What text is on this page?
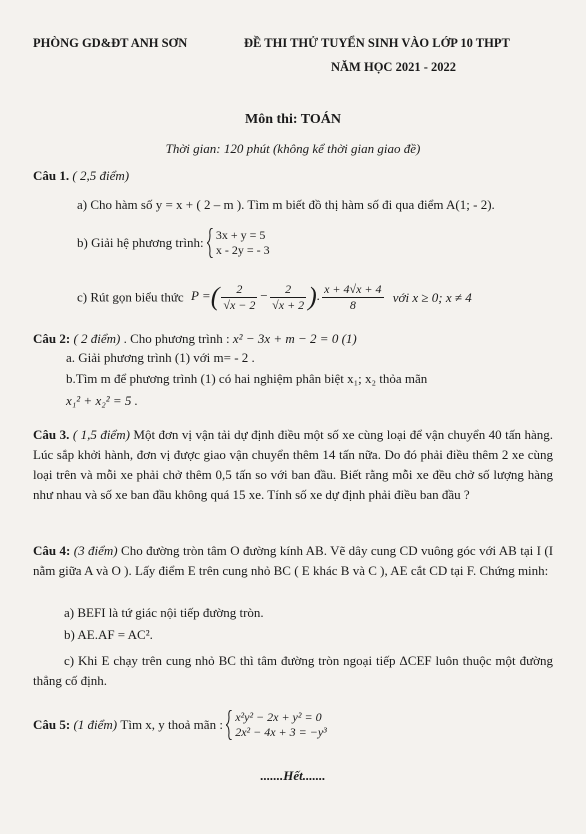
PHÒNG GD&ĐT ANH SƠN	ĐỀ THI THỬ TUYỂN SINH VÀO LỚP 10 THPT
NĂM HỌC 2021 - 2022
Môn thi: TOÁN
Thời gian: 120 phút (không kể thời gian giao đề)
Câu 1. ( 2,5 điểm)
a) Cho hàm số y = x + ( 2 – m ). Tìm m biết đồ thị hàm số đi qua điểm A(1; - 2).
b) Giải hệ phương trình: 3x + y = 5
x - 2y = - 3
c) Rút gọn biểu thức P =( $\frac{2}{√x - 2} - \frac{2}{√x + 2}$ ). $\frac{x + 4√x + 4}{8}$ với x ≥ 0; x ≠ 4
Câu 2: ( 2 điểm) . Cho phương trình : x² − 3x + m − 2 = 0 (1)
a. Giải phương trình (1) với m= - 2 .
b.Tìm m để phương trình (1) có hai nghiệm phân biệt x₁; x₂ thỏa mãn
x₁² + x₂² = 5 .
Câu 3. ( 1,5 điểm) Một đơn vị vận tải dự định điều một số xe cùng loại để vận chuyển 40 tấn hàng. Lúc sắp khởi hành, đơn vị được giao vận chuyển thêm 14 tấn nữa. Do đó phải điều thêm 2 xe cùng loại trên và mỗi xe phải chở thêm 0,5 tấn so với ban đầu. Biết rằng mỗi xe đều chở số lượng hàng như nhau và số xe ban đầu không quá 15 xe. Tính số xe dự định phải điều ban đầu ?
Câu 4: (3 điểm) Cho đường tròn tâm O đường kính AB. Vẽ dây cung CD vuông góc với AB tại I (I nằm giữa A và O ). Lấy điểm E trên cung nhỏ BC ( E khác B và C ), AE cắt CD tại F. Chứng minh:
a) BEFI là tứ giác nội tiếp đường tròn.
b) AE.AF = AC².
c) Khi E chạy trên cung nhỏ BC thì tâm đường tròn ngoại tiếp ΔCEF luôn thuộc một đường thẳng cố định.
Câu 5: (1 điểm) Tìm x, y thoả mãn : x²y² − 2x + y² = 0
2x² − 4x + 3 = −y³
.......Hết.......
